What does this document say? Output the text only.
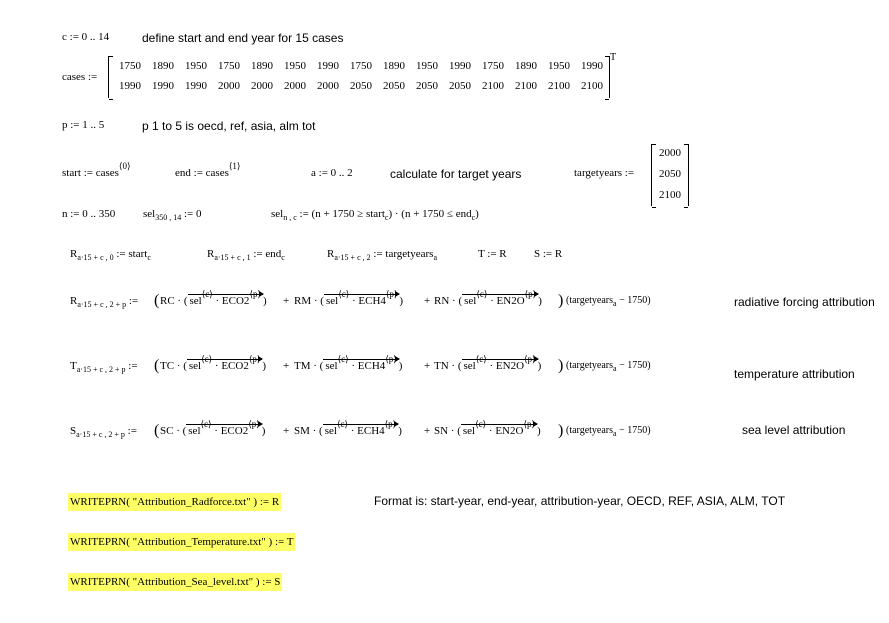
c := 0 .. 14	define start and end year for 15 cases
cases :=
1750	1890	1950	1750	1890	1950	1990	1750	1890	1950	1990	1750	1890	1950	1990
1990	1990	1990	2000	2000	2000	2000	2050	2050	2050	2050	2100	2100	2100	2100
T
p := 1 .. 5	p 1 to 5 is oecd, ref, asia, alm tot
start := cases$^{⟨0⟩}$
end := cases$^{⟨1⟩}$
a := 0 .. 2	calculate for target years	targetyears :=
2000
2050
2100
n := 0 .. 350	sel$_{350 , 14}$ := 0	sel$_{n , c}$ := (n + 1750 ≥ start$_c$) · (n + 1750 ≤ end$_c$)
$R_{a\cdot 15 + c , 0}$ := start$_c$	$R_{a\cdot 15 + c , 1}$ := end$_c$	$R_{a\cdot 15 + c , 2}$ := targetyears$_a$	T := R S := R
$R_{a\cdot 15 + c , 2 + p}$ := ( RC · ( $sel^{⟨c⟩} \cdot ECO2^{⟨p⟩}$) + RM · ( $sel^{⟨c⟩} \cdot ECH4^{⟨p⟩}$) + RN · ( $sel^{⟨c⟩} \cdot EN2O^{⟨p⟩}$) ) (targetyears$_a$ − 1750)	radiative forcing attribution
$T_{a\cdot 15 + c , 2 + p}$ := ( TC · ( $sel^{⟨c⟩} \cdot ECO2^{⟨p⟩}$) + TM · ( $sel^{⟨c⟩} \cdot ECH4^{⟨p⟩}$) + TN · ( $sel^{⟨c⟩} \cdot EN2O^{⟨p⟩}$) ) (targetyears$_a$ − 1750)
temperature attribution
$S_{a\cdot 15 + c , 2 + p}$ := ( SC · ( $sel^{⟨c⟩} \cdot ECO2^{⟨p⟩}$) + SM · ( $sel^{⟨c⟩} \cdot ECH4^{⟨p⟩}$) + SN · ( $sel^{⟨c⟩} \cdot EN2O^{⟨p⟩}$) ) (targetyears$_a$ − 1750)	sea level attribution
WRITEPRN( "Attribution_Radforce.txt" ) := R	Format is: start-year, end-year, attribution-year, OECD, REF, ASIA, ALM, TOT
WRITEPRN( "Attribution_Temperature.txt" ) := T
WRITEPRN( "Attribution_Sea_level.txt" ) := S
